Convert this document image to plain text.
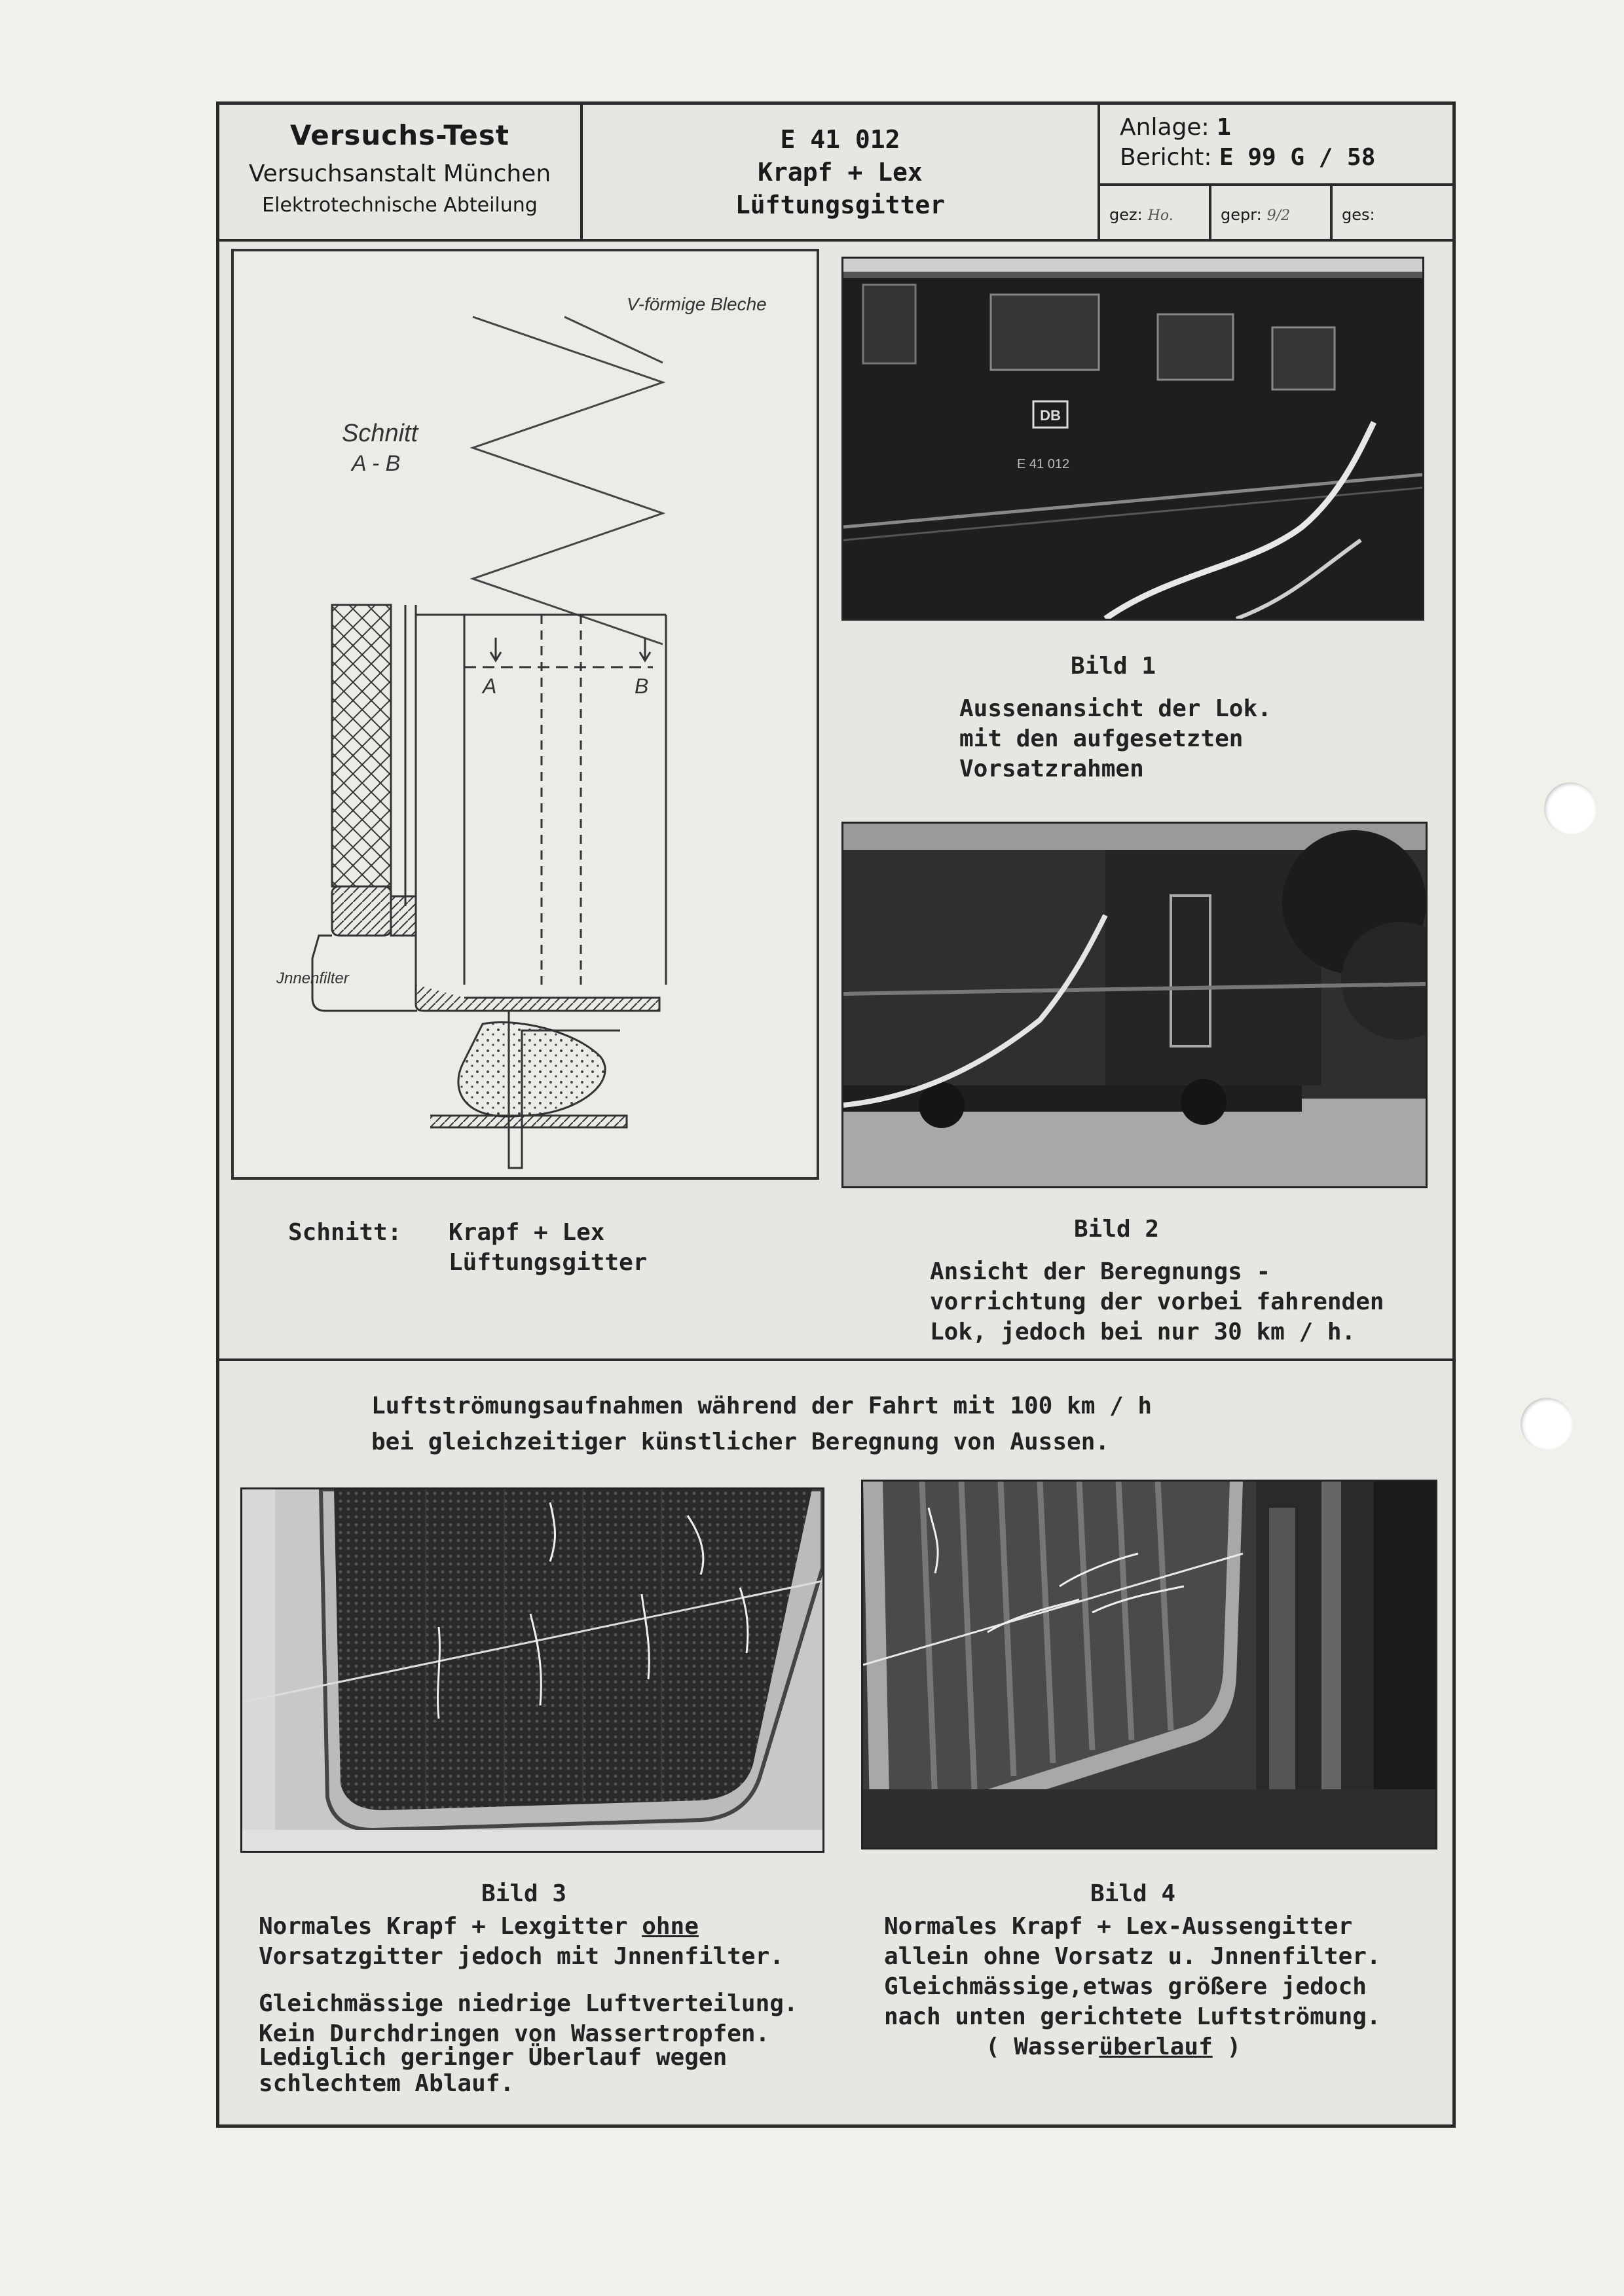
Versuchs-Test
Versuchsanstalt München
Elektrotechnische Abteilung
E 41 012
Krapf + Lex
Lüftungsgitter
Anlage: 1
Bericht: E 99 G / 58
gez: Ho.	gepr: 9/2	ges:
V-förmige Bleche
Schnitt
A - B
A	B
Jnnenfilter
DB
E 41 012
Bild 1
Aussenansicht der Lok.
mit den aufgesetzten
Vorsatzrahmen
Bild 2
Ansicht der Beregnungs -
vorrichtung der vorbei fahrenden
Lok, jedoch bei nur 30 km / h.
Schnitt: Krapf + Lex
Lüftungsgitter
Luftströmungsaufnahmen während der Fahrt mit 100 km / h
bei gleichzeitiger künstlicher Beregnung von Aussen.
Bild 3
Normales Krapf + Lexgitter ohne
Vorsatzgitter jedoch mit Jnnenfilter.
Gleichmässige niedrige Luftverteilung.
Kein Durchdringen von Wassertropfen.
Lediglich geringer Überlauf wegen
schlechtem Ablauf.
Bild 4
Normales Krapf + Lex-Aussengitter
allein ohne Vorsatz u. Jnnenfilter.
Gleichmässige,etwas größere jedoch
nach unten gerichtete Luftströmung.
( Wasserüberlauf )
